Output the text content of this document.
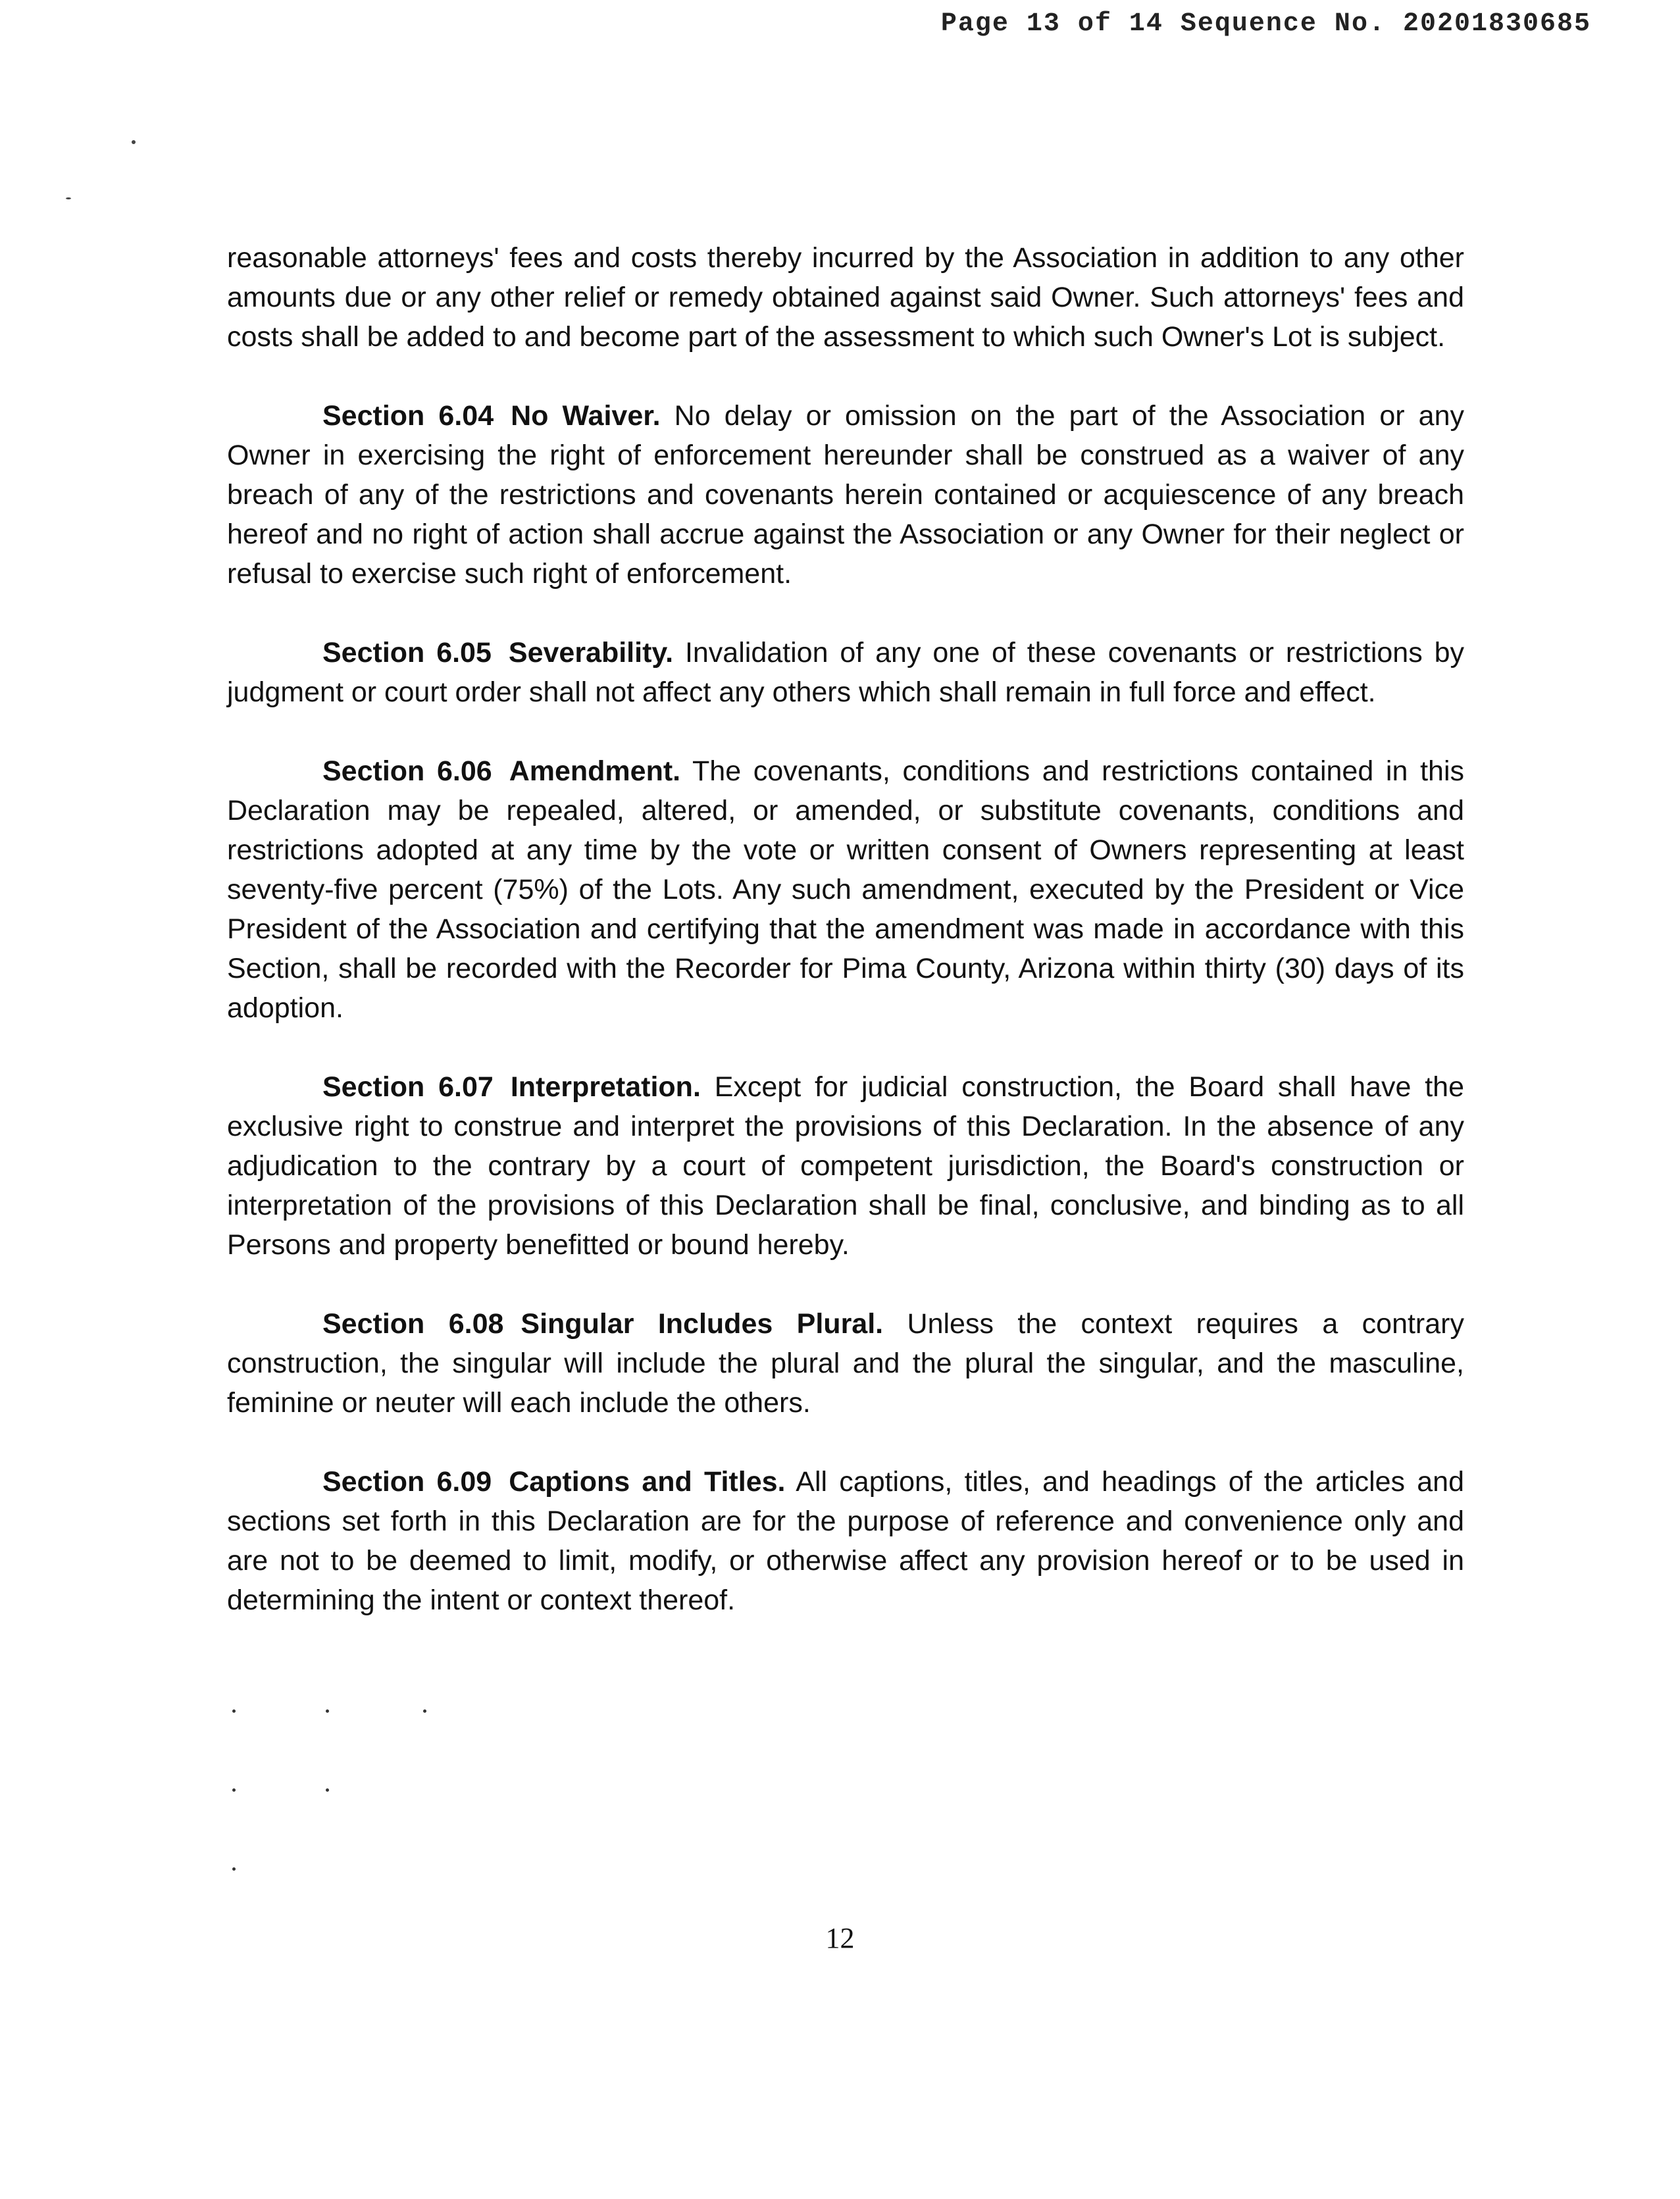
Page 13 of 14 Sequence No. 20201830685

reasonable attorneys' fees and costs thereby incurred by the Association in addition to any other amounts due or any other relief or remedy obtained against said Owner. Such attorneys' fees and costs shall be added to and become part of the assessment to which such Owner's Lot is subject.

Section 6.04 No Waiver. No delay or omission on the part of the Association or any Owner in exercising the right of enforcement hereunder shall be construed as a waiver of any breach of any of the restrictions and covenants herein contained or acquiescence of any breach hereof and no right of action shall accrue against the Association or any Owner for their neglect or refusal to exercise such right of enforcement.

Section 6.05 Severability. Invalidation of any one of these covenants or restrictions by judgment or court order shall not affect any others which shall remain in full force and effect.

Section 6.06 Amendment. The covenants, conditions and restrictions contained in this Declaration may be repealed, altered, or amended, or substitute covenants, conditions and restrictions adopted at any time by the vote or written consent of Owners representing at least seventy-five percent (75%) of the Lots. Any such amendment, executed by the President or Vice President of the Association and certifying that the amendment was made in accordance with this Section, shall be recorded with the Recorder for Pima County, Arizona within thirty (30) days of its adoption.

Section 6.07 Interpretation. Except for judicial construction, the Board shall have the exclusive right to construe and interpret the provisions of this Declaration. In the absence of any adjudication to the contrary by a court of competent jurisdiction, the Board's construction or interpretation of the provisions of this Declaration shall be final, conclusive, and binding as to all Persons and property benefitted or bound hereby.

Section 6.08 Singular Includes Plural. Unless the context requires a contrary construction, the singular will include the plural and the plural the singular, and the masculine, feminine or neuter will each include the others.

Section 6.09 Captions and Titles. All captions, titles, and headings of the articles and sections set forth in this Declaration are for the purpose of reference and convenience only and are not to be deemed to limit, modify, or otherwise affect any provision hereof or to be used in determining the intent or context thereof.

12
